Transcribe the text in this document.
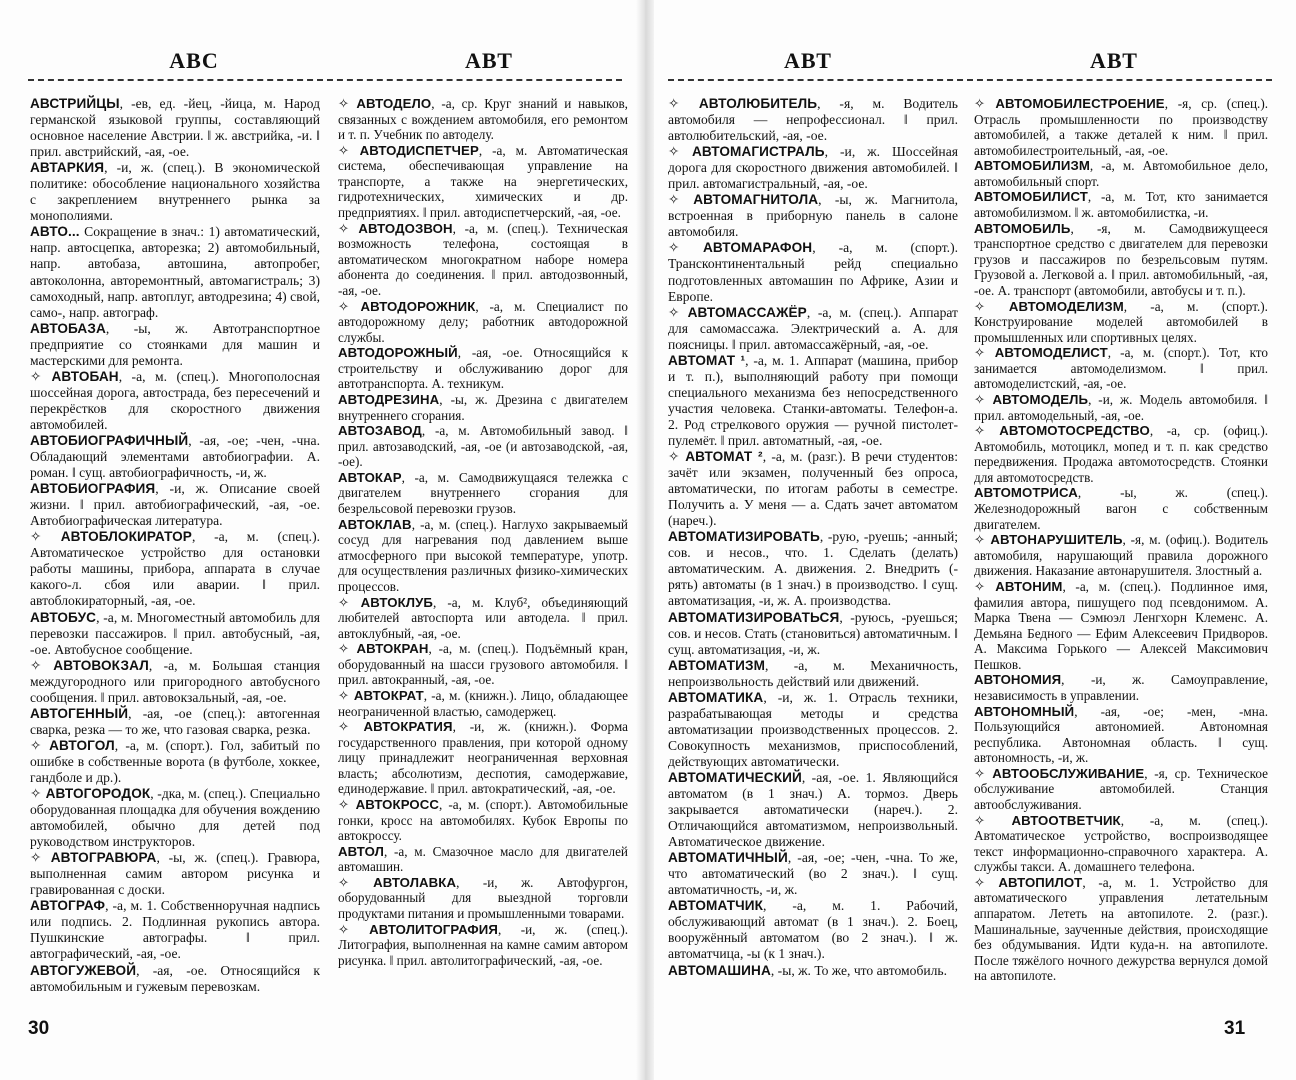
АВС	АВТ

АВСТРИЙЦЫ, -ев, ед. -йец, -йица, м. Народ германской языковой группы, составляющий основное население Австрии. ‖ ж. австрийка, -и. ‖ прил. австрийский, -ая, -ое.

АВТАРКИЯ, -и, ж. (спец.). В экономической политике: обособление национального хозяйства с закреплением внутреннего рынка за монополиями.

АВТО... Сокращение в знач.: 1) автоматический, напр. автосцепка, авторезка; 2) автомобильный, напр. автобаза, автошина, автопробег, автоколонна, авторемонтный, автомагистраль; 3) самоходный, напр. автоплуг, автодрезина; 4) свой, само-, напр. автограф.

АВТОБАЗА, -ы, ж. Автотранспортное предприятие со стоянками для машин и мастерскими для ремонта.

✧ АВТОБАН, -а, м. (спец.). Многополосная шоссейная дорога, автострада, без пересечений и перекрёстков для скоростного движения автомобилей.

АВТОБИОГРАФИЧНЫЙ, -ая, -ое; -чен, -чна. Обладающий элементами автобиографии. А. роман. ‖ сущ. автобиографичность, -и, ж.

АВТОБИОГРАФИЯ, -и, ж. Описание своей жизни. ‖ прил. автобиографический, -ая, -ое. Автобиографическая литература.

✧ АВТОБЛОКИРАТОР, -а, м. (спец.). Автоматическое устройство для остановки работы машины, прибора, аппарата в случае какого-л. сбоя или аварии. ‖ прил. автоблокираторный, -ая, -ое.

АВТОБУС, -а, м. Многоместный автомобиль для перевозки пассажиров. ‖ прил. автобусный, -ая, -ое. Автобусное сообщение.

✧ АВТОВОКЗАЛ, -а, м. Большая станция междугородного или пригородного автобусного сообщения. ‖ прил. автовокзальный, -ая, -ое.

АВТОГЕННЫЙ, -ая, -ое (спец.): автогенная сварка, резка — то же, что газовая сварка, резка.

✧ АВТОГОЛ, -а, м. (спорт.). Гол, забитый по ошибке в собственные ворота (в футболе, хоккее, гандболе и др.).

✧ АВТОГОРОДОК, -дка, м. (спец.). Специально оборудованная площадка для обучения вождению автомобилей, обычно для детей под руководством инструкторов.

✧ АВТОГРАВЮРА, -ы, ж. (спец.). Гравюра, выполненная самим автором рисунка и гравированная с доски.

АВТОГРАФ, -а, м. 1. Собственноручная надпись или подпись. 2. Подлинная рукопись автора. Пушкинские автографы. ‖ прил. автографический, -ая, -ое.

АВТОГУЖЕВОЙ, -ая, -ое. Относящийся к автомобильным и гужевым перевозкам.

✧ АВТОДЕЛО, -а, ср. Круг знаний и навыков, связанных с вождением автомобиля, его ремонтом и т. п. Учебник по автоделу.

✧ АВТОДИСПЕТЧЕР, -а, м. Автоматическая система, обеспечивающая управление на транспорте, а также на энергетических, гидротехнических, химических и др. предприятиях. ‖ прил. автодиспетчерский, -ая, -ое.

✧ АВТОДОЗВОН, -а, м. (спец.). Техническая возможность телефона, состоящая в автоматическом многократном наборе номера абонента до соединения. ‖ прил. автодозвонный, -ая, -ое.

✧ АВТОДОРОЖНИК, -а, м. Специалист по автодорожному делу; работник автодорожной службы.

АВТОДОРОЖНЫЙ, -ая, -ое. Относящийся к строительству и обслуживанию дорог для автотранспорта. А. техникум.

АВТОДРЕЗИНА, -ы, ж. Дрезина с двигателем внутреннего сгорания.

АВТОЗАВОД, -а, м. Автомобильный завод. ‖ прил. автозаводский, -ая, -ое (и автозаводской, -ая, -ое).

АВТОКАР, -а, м. Самодвижущаяся тележка с двигателем внутреннего сгорания для безрельсовой перевозки грузов.

АВТОКЛАВ, -а, м. (спец.). Наглухо закрываемый сосуд для нагревания под давлением выше атмосферного при высокой температуре, употр. для осуществления различных физико-химических процессов.

✧ АВТОКЛУБ, -а, м. Клуб², объединяющий любителей автоспорта или автодела. ‖ прил. автоклубный, -ая, -ое.

✧ АВТОКРАН, -а, м. (спец.). Подъёмный кран, оборудованный на шасси грузового автомобиля. ‖ прил. автокранный, -ая, -ое.

✧ АВТОКРАТ, -а, м. (книжн.). Лицо, обладающее неограниченной властью, самодержец.

✧ АВТОКРАТИЯ, -и, ж. (книжн.). Форма государственного правления, при которой одному лицу принадлежит неограниченная верховная власть; абсолютизм, деспотия, самодержавие, единодержавие. ‖ прил. автократический, -ая, -ое.

✧ АВТОКРОСС, -а, м. (спорт.). Автомобильные гонки, кросс на автомобилях. Кубок Европы по автокроссу.

АВТОЛ, -а, м. Смазочное масло для двигателей автомашин.

✧ АВТОЛАВКА, -и, ж. Автофургон, оборудованный для выездной торговли продуктами питания и промышленными товарами.

✧ АВТОЛИТОГРАФИЯ, -и, ж. (спец.). Литография, выполненная на камне самим автором рисунка. ‖ прил. автолитографический, -ая, -ое.

30
АВТ	АВТ

✧ АВТОЛЮБИТЕЛЬ, -я, м. Водитель автомобиля — непрофессионал. ‖ прил. автолюбительский, -ая, -ое.

✧ АВТОМАГИСТРАЛЬ, -и, ж. Шоссейная дорога для скоростного движения автомобилей. ‖ прил. автомагистральный, -ая, -ое.

✧ АВТОМАГНИТОЛА, -ы, ж. Магнитола, встроенная в приборную панель в салоне автомобиля.

✧ АВТОМАРАФОН, -а, м. (спорт.). Трансконтинентальный рейд специально подготовленных автомашин по Африке, Азии и Европе.

✧ АВТОМАССАЖЁР, -а, м. (спец.). Аппарат для самомассажа. Электрический а. А. для поясницы. ‖ прил. автомассажёрный, -ая, -ое.

АВТОМАТ ¹, -а, м. 1. Аппарат (машина, прибор и т. п.), выполняющий работу при помощи специального механизма без непосредственного участия человека. Станки-автоматы. Телефон-а. 2. Род стрелкового оружия — ручной пистолет-пулемёт. ‖ прил. автоматный, -ая, -ое.

✧ АВТОМАТ ², -а, м. (разг.). В речи студентов: зачёт или экзамен, полученный без опроса, автоматически, по итогам работы в семестре. Получить а. У меня — а. Сдать зачет автоматом (нареч.).

АВТОМАТИЗИРОВАТЬ, -рую, -руешь; -анный; сов. и несов., что. 1. Сделать (делать) автоматическим. А. движения. 2. Внедрить (-рять) автоматы (в 1 знач.) в производство. ‖ сущ. автоматизация, -и, ж. А. производства.

АВТОМАТИЗИРОВАТЬСЯ, -руюсь, -руешься; сов. и несов. Стать (становиться) автоматичным. ‖ сущ. автоматизация, -и, ж.

АВТОМАТИЗМ, -а, м. Механичность, непроизвольность действий или движений.

АВТОМАТИКА, -и, ж. 1. Отрасль техники, разрабатывающая методы и средства автоматизации производственных процессов. 2. Совокупность механизмов, приспособлений, действующих автоматически.

АВТОМАТИЧЕСКИЙ, -ая, -ое. 1. Являющийся автоматом (в 1 знач.) А. тормоз. Дверь закрывается автоматически (нареч.). 2. Отличающийся автоматизмом, непроизвольный. Автоматическое движение.

АВТОМАТИЧНЫЙ, -ая, -ое; -чен, -чна. То же, что автоматический (во 2 знач.). ‖ сущ. автоматичность, -и, ж.

АВТОМАТЧИК, -а, м. 1. Рабочий, обслуживающий автомат (в 1 знач.). 2. Боец, вооружённый автоматом (во 2 знач.). ‖ ж. автоматчица, -ы (к 1 знач.).

АВТОМАШИНА, -ы, ж. То же, что автомобиль.

✧ АВТОМОБИЛЕСТРОЕНИЕ, -я, ср. (спец.). Отрасль промышленности по производству автомобилей, а также деталей к ним. ‖ прил. автомобилестроительный, -ая, -ое.

АВТОМОБИЛИЗМ, -а, м. Автомобильное дело, автомобильный спорт.

АВТОМОБИЛИСТ, -а, м. Тот, кто занимается автомобилизмом. ‖ ж. автомобилистка, -и.

АВТОМОБИЛЬ, -я, м. Самодвижущееся транспортное средство с двигателем для перевозки грузов и пассажиров по безрельсовым путям. Грузовой а. Легковой а. ‖ прил. автомобильный, -ая, -ое. А. транспорт (автомобили, автобусы и т. п.).

✧ АВТОМОДЕЛИЗМ, -а, м. (спорт.). Конструирование моделей автомобилей в промышленных или спортивных целях.

✧ АВТОМОДЕЛИСТ, -а, м. (спорт.). Тот, кто занимается автомоделизмом. ‖ прил. автомоделистский, -ая, -ое.

✧ АВТОМОДЕЛЬ, -и, ж. Модель автомобиля. ‖ прил. автомодельный, -ая, -ое.

✧ АВТОМОТОСРЕДСТВО, -а, ср. (офиц.). Автомобиль, мотоцикл, мопед и т. п. как средство передвижения. Продажа автомотосредств. Стоянки для автомотосредств.

АВТОМОТРИСА, -ы, ж. (спец.). Железнодорожный вагон с собственным двигателем.

✧ АВТОНАРУШИТЕЛЬ, -я, м. (офиц.). Водитель автомобиля, нарушающий правила дорожного движения. Наказание автонарушителя. Злостный а.

✧ АВТОНИМ, -а, м. (спец.). Подлинное имя, фамилия автора, пишущего под псевдонимом. А. Марка Твена — Сэмюэл Ленгхорн Клеменс. А. Демьяна Бедного — Ефим Алексеевич Придворов. А. Максима Горького — Алексей Максимович Пешков.

АВТОНОМИЯ, -и, ж. Самоуправление, независимость в управлении.

АВТОНОМНЫЙ, -ая, -ое; -мен, -мна. Пользующийся автономией. Автономная республика. Автономная область. ‖ сущ. автономность, -и, ж.

✧ АВТООБСЛУЖИВАНИЕ, -я, ср. Техническое обслуживание автомобилей. Станция автообслуживания.

✧ АВТООТВЕТЧИК, -а, м. (спец.). Автоматическое устройство, воспроизводящее текст информационно-справочного характера. А. службы такси. А. домашнего телефона.

✧ АВТОПИЛОТ, -а, м. 1. Устройство для автоматического управления летательным аппаратом. Лететь на автопилоте. 2. (разг.). Машинальные, заученные действия, происходящие без обдумывания. Идти куда-н. на автопилоте. После тяжёлого ночного дежурства вернулся домой на автопилоте.

31
